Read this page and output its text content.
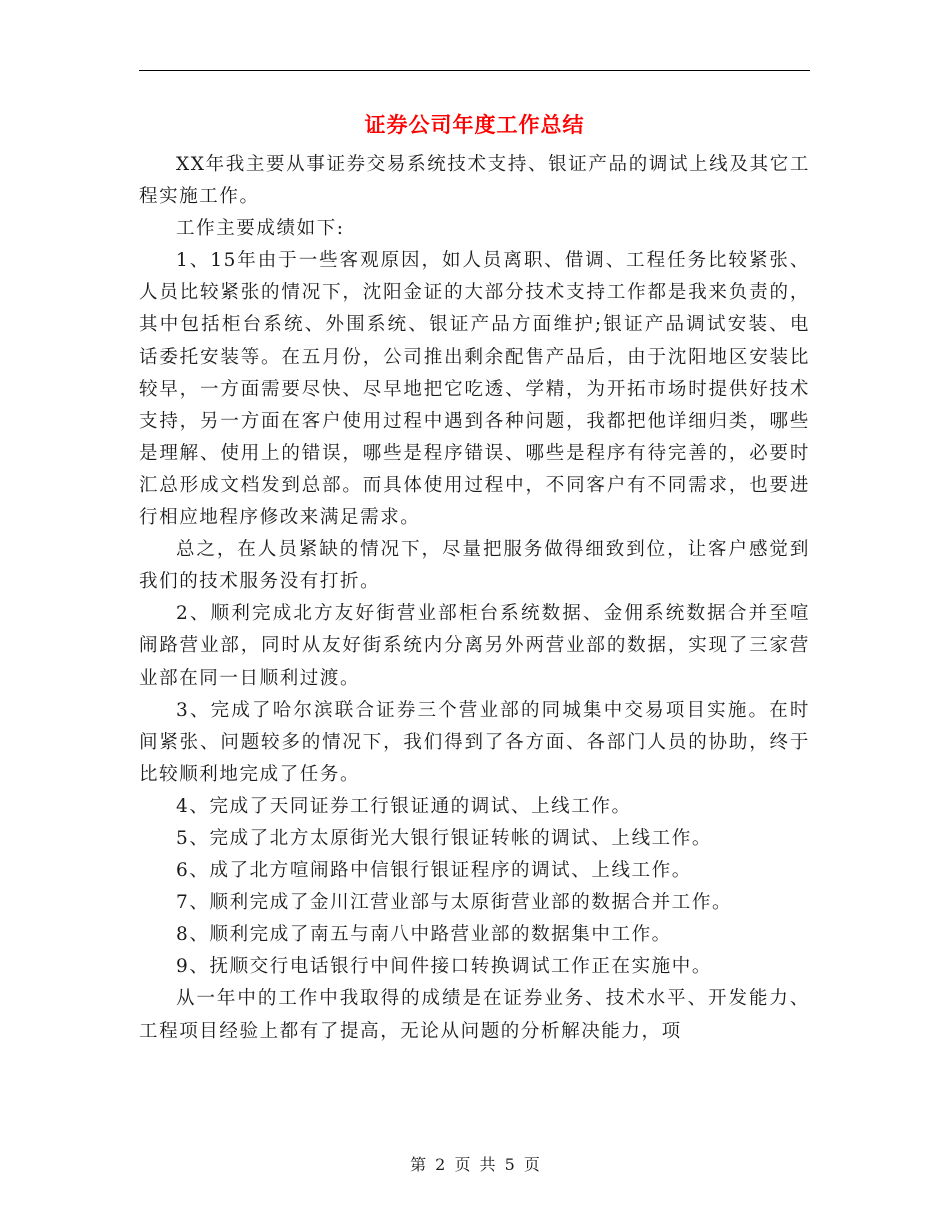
证券公司年度工作总结

XX年我主要从事证券交易系统技术支持、银证产品的调试上线及其它工程实施工作。

工作主要成绩如下:

1、15年由于一些客观原因，如人员离职、借调、工程任务比较紧张、人员比较紧张的情况下，沈阳金证的大部分技术支持工作都是我来负责的，其中包括柜台系统、外围系统、银证产品方面维护;银证产品调试安装、电话委托安装等。在五月份，公司推出剩余配售产品后，由于沈阳地区安装比较早，一方面需要尽快、尽早地把它吃透、学精，为开拓市场时提供好技术支持，另一方面在客户使用过程中遇到各种问题，我都把他详细归类，哪些是理解、使用上的错误，哪些是程序错误、哪些是程序有待完善的，必要时汇总形成文档发到总部。而具体使用过程中，不同客户有不同需求，也要进行相应地程序修改来满足需求。

总之，在人员紧缺的情况下，尽量把服务做得细致到位，让客户感觉到我们的技术服务没有打折。

2、顺利完成北方友好街营业部柜台系统数据、金佣系统数据合并至喧闹路营业部，同时从友好街系统内分离另外两营业部的数据，实现了三家营业部在同一日顺利过渡。

3、完成了哈尔滨联合证券三个营业部的同城集中交易项目实施。在时间紧张、问题较多的情况下，我们得到了各方面、各部门人员的协助，终于比较顺利地完成了任务。

4、完成了天同证券工行银证通的调试、上线工作。

5、完成了北方太原街光大银行银证转帐的调试、上线工作。

6、成了北方喧闹路中信银行银证程序的调试、上线工作。

7、顺利完成了金川江营业部与太原街营业部的数据合并工作。

8、顺利完成了南五与南八中路营业部的数据集中工作。

9、抚顺交行电话银行中间件接口转换调试工作正在实施中。

从一年中的工作中我取得的成绩是在证券业务、技术水平、开发能力、工程项目经验上都有了提高，无论从问题的分析解决能力，项

第 2 页 共 5 页
